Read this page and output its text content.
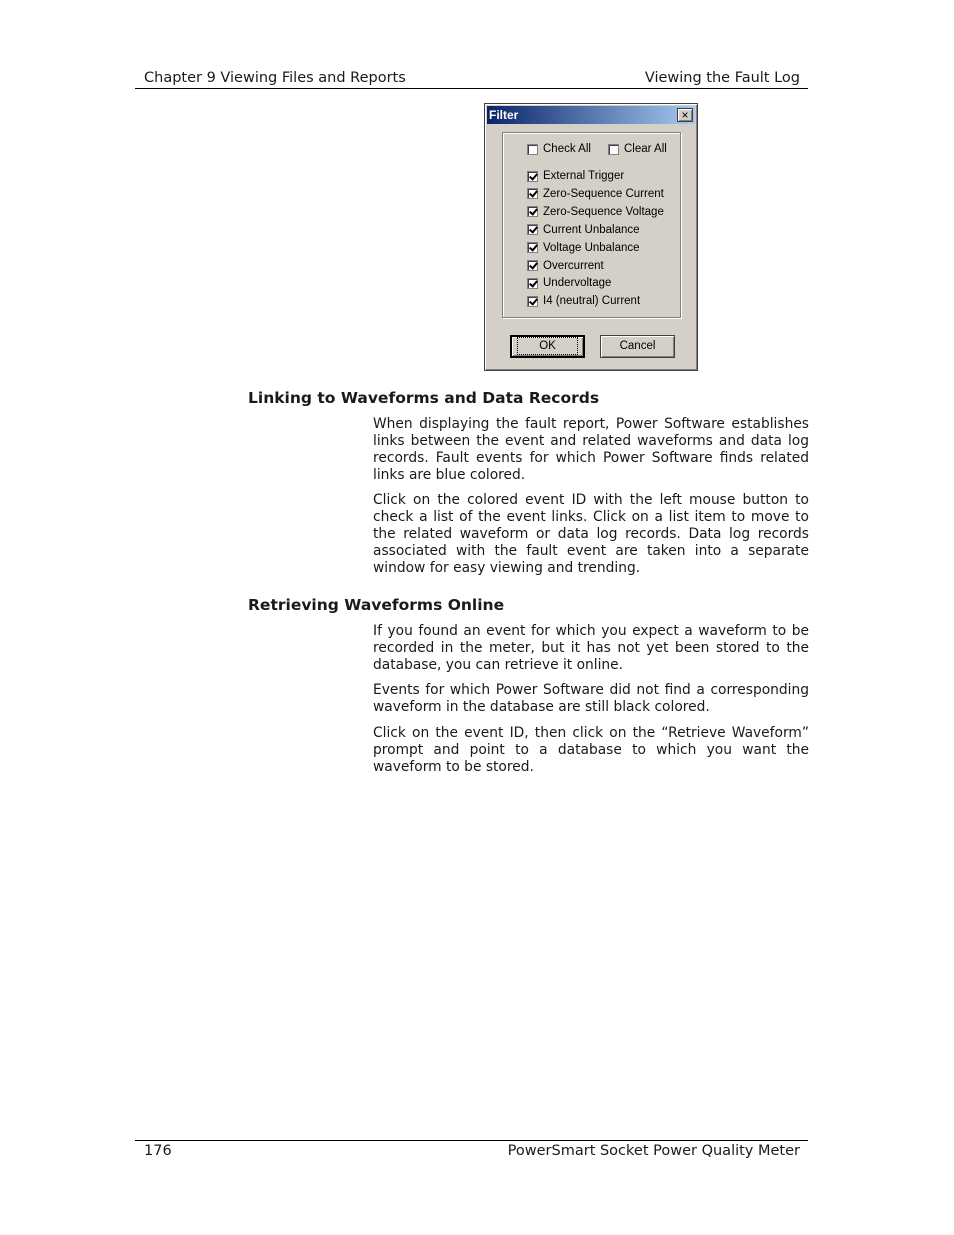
Chapter 9 Viewing Files and Reports	Viewing the Fault Log
Filter	×
Check All	Clear All
External Trigger
Zero-Sequence Current
Zero-Sequence Voltage
Current Unbalance
Voltage Unbalance
Overcurrent
Undervoltage
I4 (neutral) Current
OK	Cancel
Linking to Waveforms and Data Records

When displaying the fault report, Power Software establishes links between the event and related waveforms and data log records. Fault events for which Power Software finds related links are blue colored.

Click on the colored event ID with the left mouse button to check a list of the event links. Click on a list item to move to the related waveform or data log records. Data log records associated with the fault event are taken into a separate window for easy viewing and trending.

Retrieving Waveforms Online

If you found an event for which you expect a waveform to be recorded in the meter, but it has not yet been stored to the database, you can retrieve it online.

Events for which Power Software did not find a corresponding waveform in the database are still black colored.

Click on the event ID, then click on the “Retrieve Waveform” prompt and point to a database to which you want the waveform to be stored.

176	PowerSmart Socket Power Quality Meter
